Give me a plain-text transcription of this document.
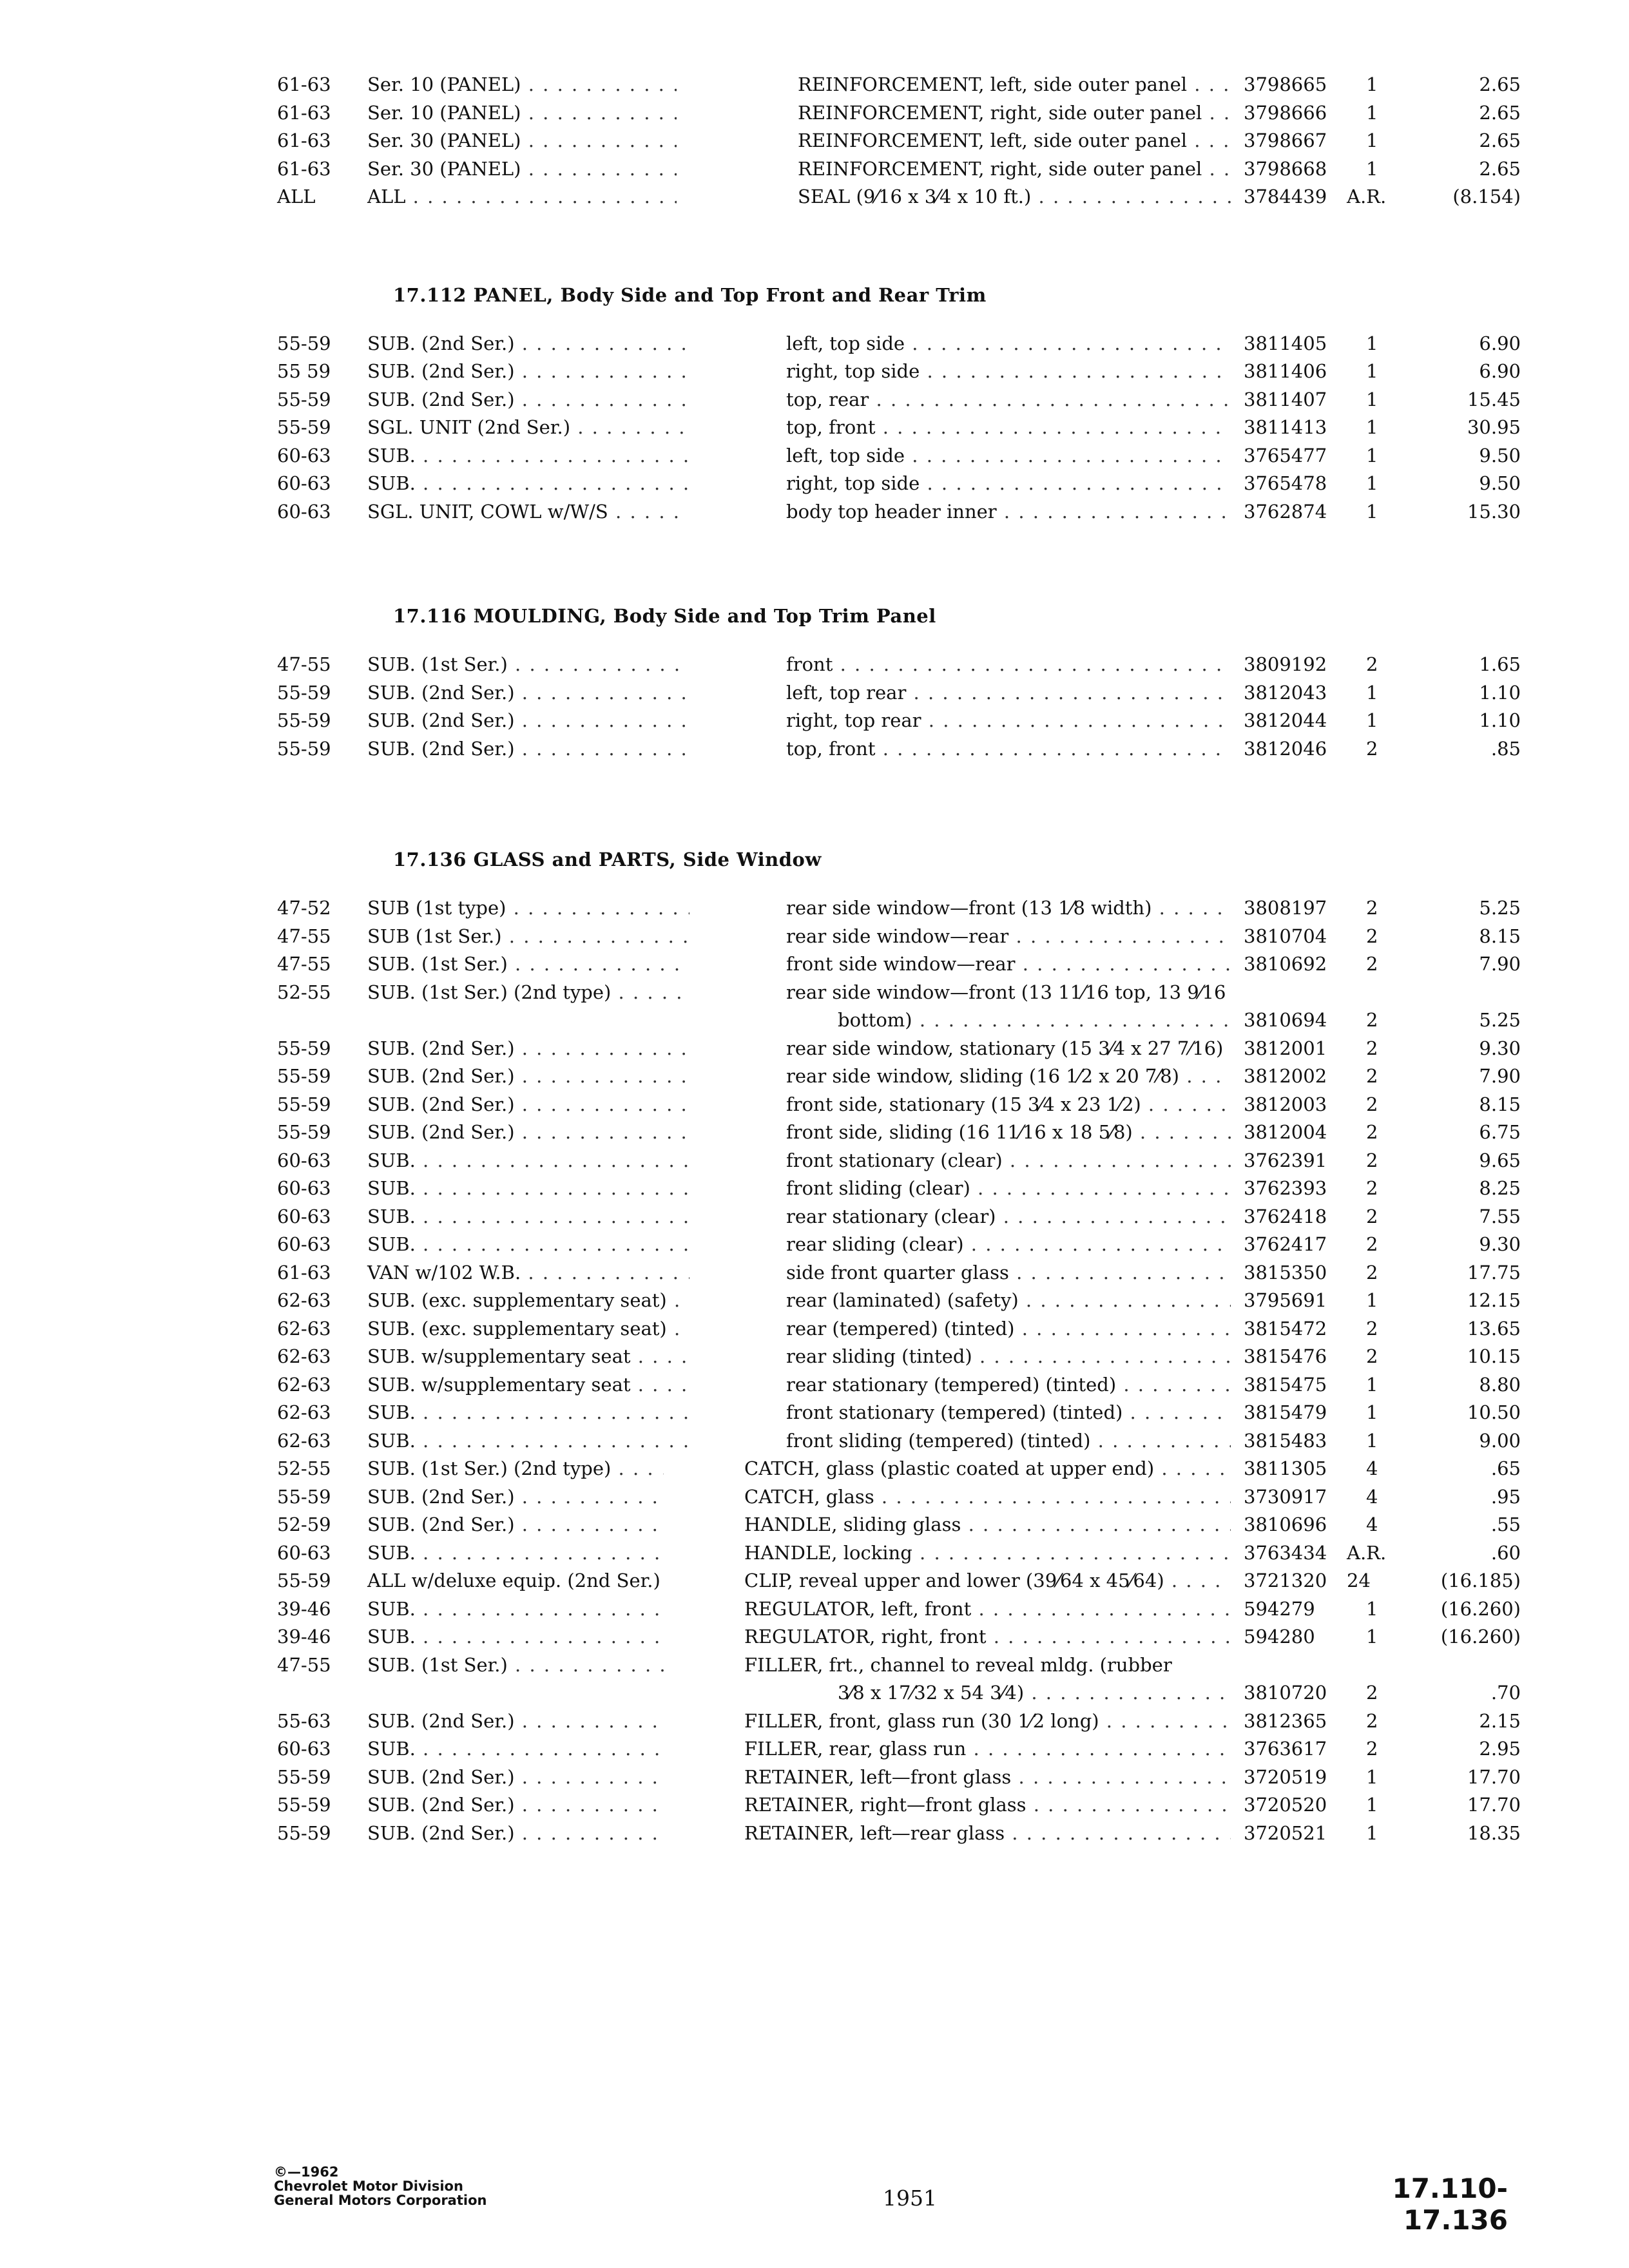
61-63	Ser. 10 (PANEL) . . .	REINFORCEMENT, left, side outer panel . . .	3798665	1	2.65
61-63	Ser. 10 (PANEL) . . .	REINFORCEMENT, right, side outer panel . . .	3798666	1	2.65
61-63	Ser. 30 (PANEL) . . .	REINFORCEMENT, left, side outer panel . . .	3798667	1	2.65
61-63	Ser. 30 (PANEL) . . .	REINFORCEMENT, right, side outer panel . . .	3798668	1	2.65
ALL	ALL . . .	SEAL (9⁄16 x 3⁄4 x 10 ft.) . . .	3784439	A.R.	(8.154)
17.112 PANEL, Body Side and Top Front and Rear Trim
55-59	SUB. (2nd Ser.) . . .	left, top side . . .	3811405	1	6.90
55 59	SUB. (2nd Ser.) . . .	right, top side . . .	3811406	1	6.90
55-59	SUB. (2nd Ser.) . . .	top, rear . . .	3811407	1	15.45
55-59	SGL. UNIT (2nd Ser.) . . .	top, front . . .	3811413	1	30.95
60-63	SUB. . . .	left, top side . . .	3765477	1	9.50
60-63	SUB. . . .	right, top side . . .	3765478	1	9.50
60-63	SGL. UNIT, COWL w/W/S . . .	body top header inner . . .	3762874	1	15.30
17.116 MOULDING, Body Side and Top Trim Panel
47-55	SUB. (1st Ser.) . . .	front . . .	3809192	2	1.65
55-59	SUB. (2nd Ser.) . . .	left, top rear . . .	3812043	1	1.10
55-59	SUB. (2nd Ser.) . . .	right, top rear . . .	3812044	1	1.10
55-59	SUB. (2nd Ser.) . . .	top, front . . .	3812046	2	.85
17.136 GLASS and PARTS, Side Window
47-52	SUB (1st type) . . .	rear side window—front (13 1⁄8 width) . . .	3808197	2	5.25
47-55	SUB (1st Ser.) . . .	rear side window—rear . . .	3810704	2	8.15
47-55	SUB. (1st Ser.) . . .	front side window—rear . . .	3810692	2	7.90
52-55	SUB. (1st Ser.) (2nd type) . . .	rear side window—front (13 11⁄16 top, 13 9⁄16
bottom) . . .	3810694	2	5.25
55-59	SUB. (2nd Ser.) . . .	rear side window, stationary (15 3⁄4 x 27 7⁄16) . . .	3812001	2	9.30
55-59	SUB. (2nd Ser.) . . .	rear side window, sliding (16 1⁄2 x 20 7⁄8) . . .	3812002	2	7.90
55-59	SUB. (2nd Ser.) . . .	front side, stationary (15 3⁄4 x 23 1⁄2) . . .	3812003	2	8.15
55-59	SUB. (2nd Ser.) . . .	front side, sliding (16 11⁄16 x 18 5⁄8) . . .	3812004	2	6.75
60-63	SUB. . . .	front stationary (clear) . . .	3762391	2	9.65
60-63	SUB. . . .	front sliding (clear) . . .	3762393	2	8.25
60-63	SUB. . . .	rear stationary (clear) . . .	3762418	2	7.55
60-63	SUB. . . .	rear sliding (clear) . . .	3762417	2	9.30
61-63	VAN w/102 W.B. . . .	side front quarter glass . . .	3815350	2	17.75
62-63	SUB. (exc. supplementary seat) . . .	rear (laminated) (safety) . . .	3795691	1	12.15
62-63	SUB. (exc. supplementary seat) . . .	rear (tempered) (tinted) . . .	3815472	2	13.65
62-63	SUB. w/supplementary seat . . .	rear sliding (tinted) . . .	3815476	2	10.15
62-63	SUB. w/supplementary seat . . .	rear stationary (tempered) (tinted) . . .	3815475	1	8.80
62-63	SUB. . . .	front stationary (tempered) (tinted) . . .	3815479	1	10.50
62-63	SUB. . . .	front sliding (tempered) (tinted) . . .	3815483	1	9.00
52-55	SUB. (1st Ser.) (2nd type) . . .	CATCH, glass (plastic coated at upper end) . . .	3811305	4	.65
55-59	SUB. (2nd Ser.) . . .	CATCH, glass . . .	3730917	4	.95
52-59	SUB. (2nd Ser.) . . .	HANDLE, sliding glass . . .	3810696	4	.55
60-63	SUB. . . .	HANDLE, locking . . .	3763434	A.R.	.60
55-59	ALL w/deluxe equip. (2nd Ser.) . . .	CLIP, reveal upper and lower (39⁄64 x 45⁄64) . . .	3721320	24	(16.185)
39-46	SUB. . . .	REGULATOR, left, front . . .	594279	1	(16.260)
39-46	SUB. . . .	REGULATOR, right, front . . .	594280	1	(16.260)
47-55	SUB. (1st Ser.) . . .	FILLER, frt., channel to reveal mldg. (rubber
3⁄8 x 17⁄32 x 54 3⁄4) . . .	3810720	2	.70
55-63	SUB. (2nd Ser.) . . .	FILLER, front, glass run (30 1⁄2 long) . . .	3812365	2	2.15
60-63	SUB. . . .	FILLER, rear, glass run . . .	3763617	2	2.95
55-59	SUB. (2nd Ser.) . . .	RETAINER, left—front glass . . .	3720519	1	17.70
55-59	SUB. (2nd Ser.) . . .	RETAINER, right—front glass . . .	3720520	1	17.70
55-59	SUB. (2nd Ser.) . . .	RETAINER, left—rear glass . . .	3720521	1	18.35
©—1962
Chevrolet Motor Division
General Motors Corporation	1951	17.110-17.136
